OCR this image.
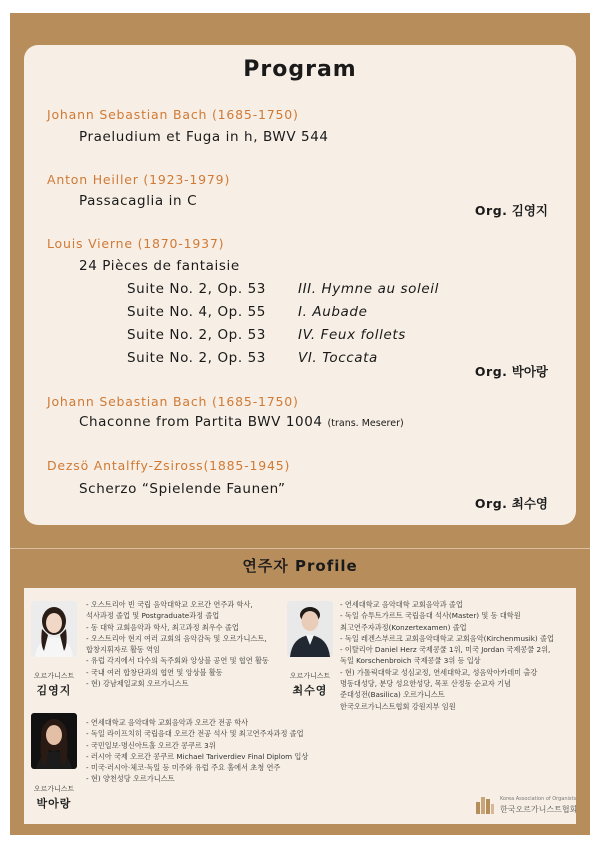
Program
Johann Sebastian Bach (1685-1750)
Praeludium et Fuga in h, BWV 544
Anton Heiller (1923-1979)
Passacaglia in C
Org. 김영지
Louis Vierne (1870-1937)
24 Pièces de fantaisie
Suite No. 2, Op. 53 III. Hymne au soleil
Suite No. 4, Op. 55 I. Aubade
Suite No. 2, Op. 53 IV. Feux follets
Suite No. 2, Op. 53 VI. Toccata
Org. 박아랑
Johann Sebastian Bach (1685-1750)
Chaconne from Partita BWV 1004 (trans. Meserer)
Dezsö Antalffy-Zsiross(1885-1945)
Scherzo “Spielende Faunen”
Org. 최수영
연주자 Profile
오르가니스트
김영지
- 오스트리아 빈 국립 음악대학교 오르간 연주과 학사,
석사과정 졸업 및 Postgraduate과정 졸업
- 동 대학 교회음악과 학사, 최고과정 최우수 졸업
- 오스트리아 현지 여러 교회의 음악감독 및 오르가니스트,
합창지휘자로 활동 역임
- 유럽 각지에서 다수의 독주회와 앙상블 공연 및 협연 활동
- 국내 여러 합창단과의 협연 및 앙상블 활동
- 현) 강남제일교회 오르가니스트
오르가니스트
최수영
- 연세대학교 음악대학 교회음악과 졸업
- 독일 슈투트가르트 국립음대 석사(Master) 및 동 대학원
최고연주자과정(Konzertexamen) 졸업
- 독일 레겐스부르크 교회음악대학교 교회음악(Kirchenmusik) 졸업
- 이탈리아 Daniel Herz 국제콩쿨 1위, 미국 Jordan 국제콩쿨 2위,
독일 Korschenbroich 국제콩쿨 3위 등 입상
- 현) 가톨릭대학교 성심교정, 연세대학교, 성음악아카데미 출강
명동대성당, 분당 성요한성당, 목포 산정동 순교자 기념
준대성전(Basilica) 오르가니스트
한국오르가니스트협회 강원지부 임원
오르가니스트
박아랑
- 연세대학교 음악대학 교회음악과 오르간 전공 학사
- 독일 라이프치히 국립음대 오르간 전공 석사 및 최고연주자과정 졸업
- 국민일보·명신아트홀 오르간 콩쿠르 3위
- 러시아 국제 오르간 콩쿠르 Michael Tariverdiev Final Diplom 입상
- 미국·러시아·체코·독일 등 미주와 유럽 주요 홀에서 초청 연주
- 현) 양천성당 오르가니스트
Korea Association of Organists
한국오르가니스트협회
